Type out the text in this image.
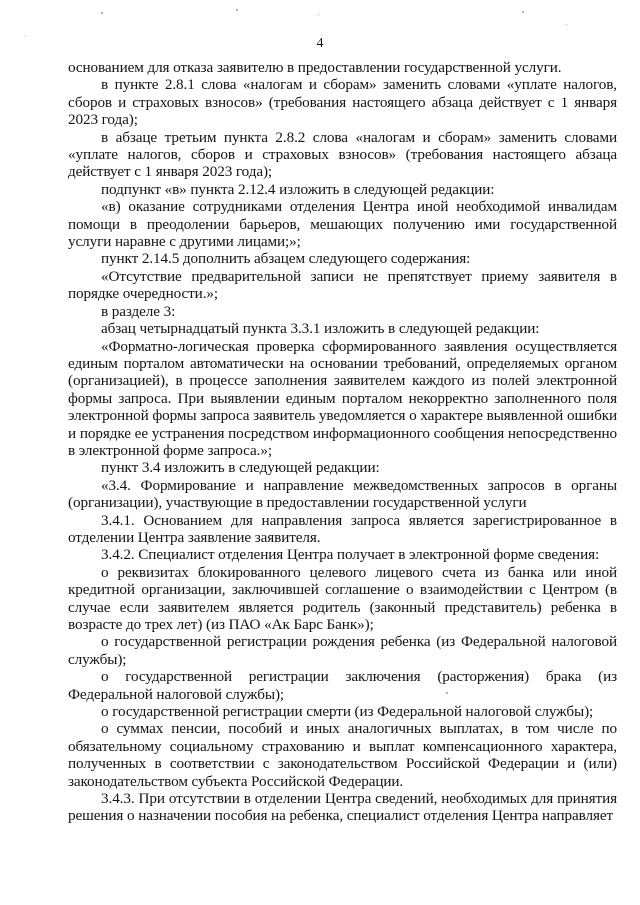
4

основанием для отказа заявителю в предоставлении государственной услуги.

в пункте 2.8.1 слова «налогам и сборам» заменить словами «уплате налогов, сборов и страховых взносов» (требования настоящего абзаца действует с 1 января 2023 года);

в абзаце третьим пункта 2.8.2 слова «налогам и сборам» заменить словами «уплате налогов, сборов и страховых взносов» (требования настоящего абзаца действует с 1 января 2023 года);

подпункт «в» пункта 2.12.4 изложить в следующей редакции:

«в) оказание сотрудниками отделения Центра иной необходимой инвалидам помощи в преодолении барьеров, мешающих получению ими государственной услуги наравне с другими лицами;»;

пункт 2.14.5 дополнить абзацем следующего содержания:

«Отсутствие предварительной записи не препятствует приему заявителя в порядке очередности.»;

в разделе 3:

абзац четырнадцатый пункта 3.3.1 изложить в следующей редакции:

«Форматно-логическая проверка сформированного заявления осуществляется единым порталом автоматически на основании требований, определяемых органом (организацией), в процессе заполнения заявителем каждого из полей электронной формы запроса. При выявлении единым порталом некорректно заполненного поля электронной формы запроса заявитель уведомляется о характере выявленной ошибки и порядке ее устранения посредством информационного сообщения непосредственно в электронной форме запроса.»;

пункт 3.4 изложить в следующей редакции:

«3.4. Формирование и направление межведомственных запросов в органы (организации), участвующие в предоставлении государственной услуги

3.4.1. Основанием для направления запроса является зарегистрированное в отделении Центра заявление заявителя.

3.4.2. Специалист отделения Центра получает в электронной форме сведения:

о реквизитах блокированного целевого лицевого счета из банка или иной кредитной организации, заключившей соглашение о взаимодействии с Центром (в случае если заявителем является родитель (законный представитель) ребенка в возрасте до трех лет) (из ПАО «Ак Барс Банк»);

о государственной регистрации рождения ребенка (из Федеральной налоговой службы);

о государственной регистрации заключения (расторжения) брака (из Федеральной налоговой службы);

о государственной регистрации смерти (из Федеральной налоговой службы);

о суммах пенсии, пособий и иных аналогичных выплатах, в том числе по обязательному социальному страхованию и выплат компенсационного характера, полученных в соответствии с законодательством Российской Федерации и (или) законодательством субъекта Российской Федерации.

3.4.3. При отсутствии в отделении Центра сведений, необходимых для принятия решения о назначении пособия на ребенка, специалист отделения Центра направляет
